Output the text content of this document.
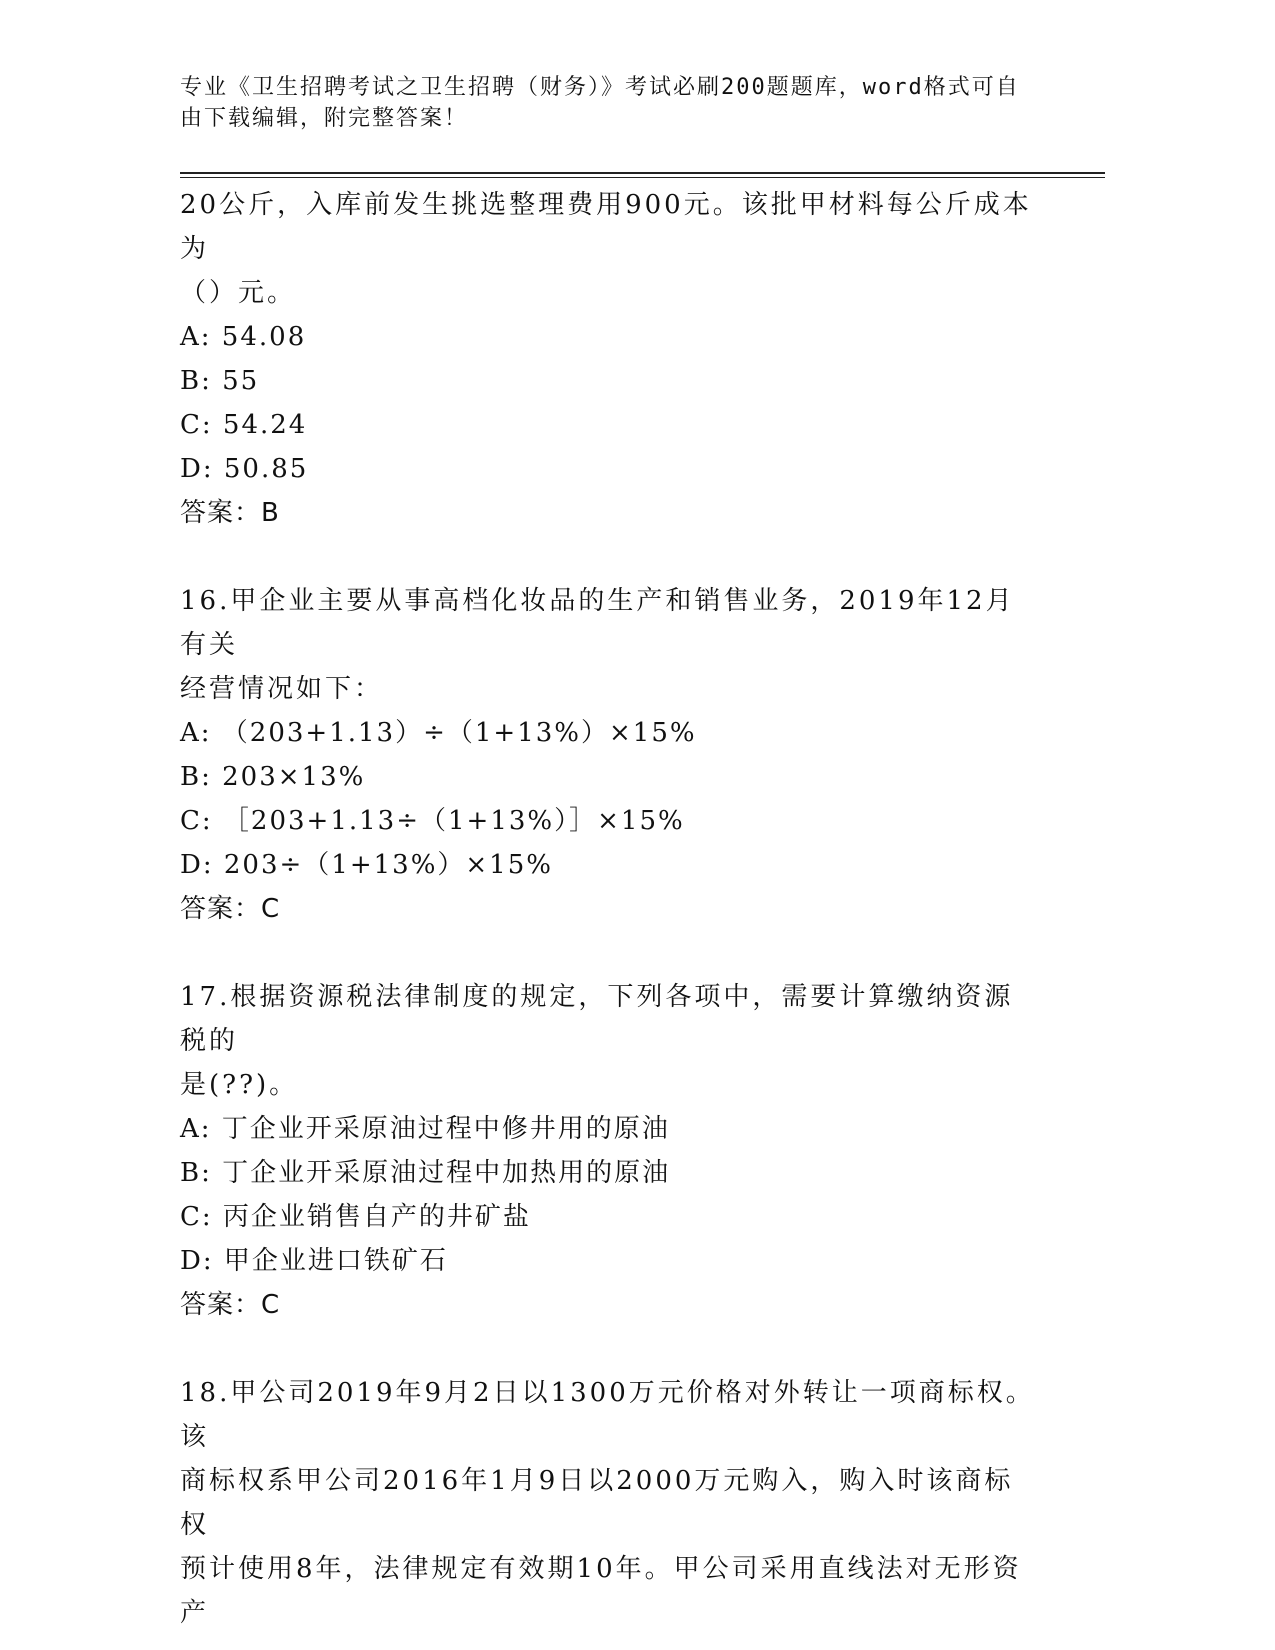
专业《卫生招聘考试之卫生招聘（财务）》考试必刷200题题库，word格式可自
由下载编辑，附完整答案！

20公斤，入库前发生挑选整理费用900元。该批甲材料每公斤成本为

（）元。

A: 54.08

B: 55

C: 54.24

D: 50.85

答案：B

16.甲企业主要从事高档化妆品的生产和销售业务，2019年12月有关

经营情况如下：

A: （203+1.13）÷（1+13%）×15%

B: 203×13%

C: ［203+1.13÷（1+13%）］×15%

D: 203÷（1+13%）×15%

答案：C

17.根据资源税法律制度的规定，下列各项中，需要计算缴纳资源税的

是(??)。

A: 丁企业开采原油过程中修井用的原油

B: 丁企业开采原油过程中加热用的原油

C: 丙企业销售自产的井矿盐

D: 甲企业进口铁矿石

答案：C

18.甲公司2019年9月2日以1300万元价格对外转让一项商标权。该

商标权系甲公司2016年1月9日以2000万元购入，购入时该商标权

预计使用8年，法律规定有效期10年。甲公司采用直线法对无形资产
